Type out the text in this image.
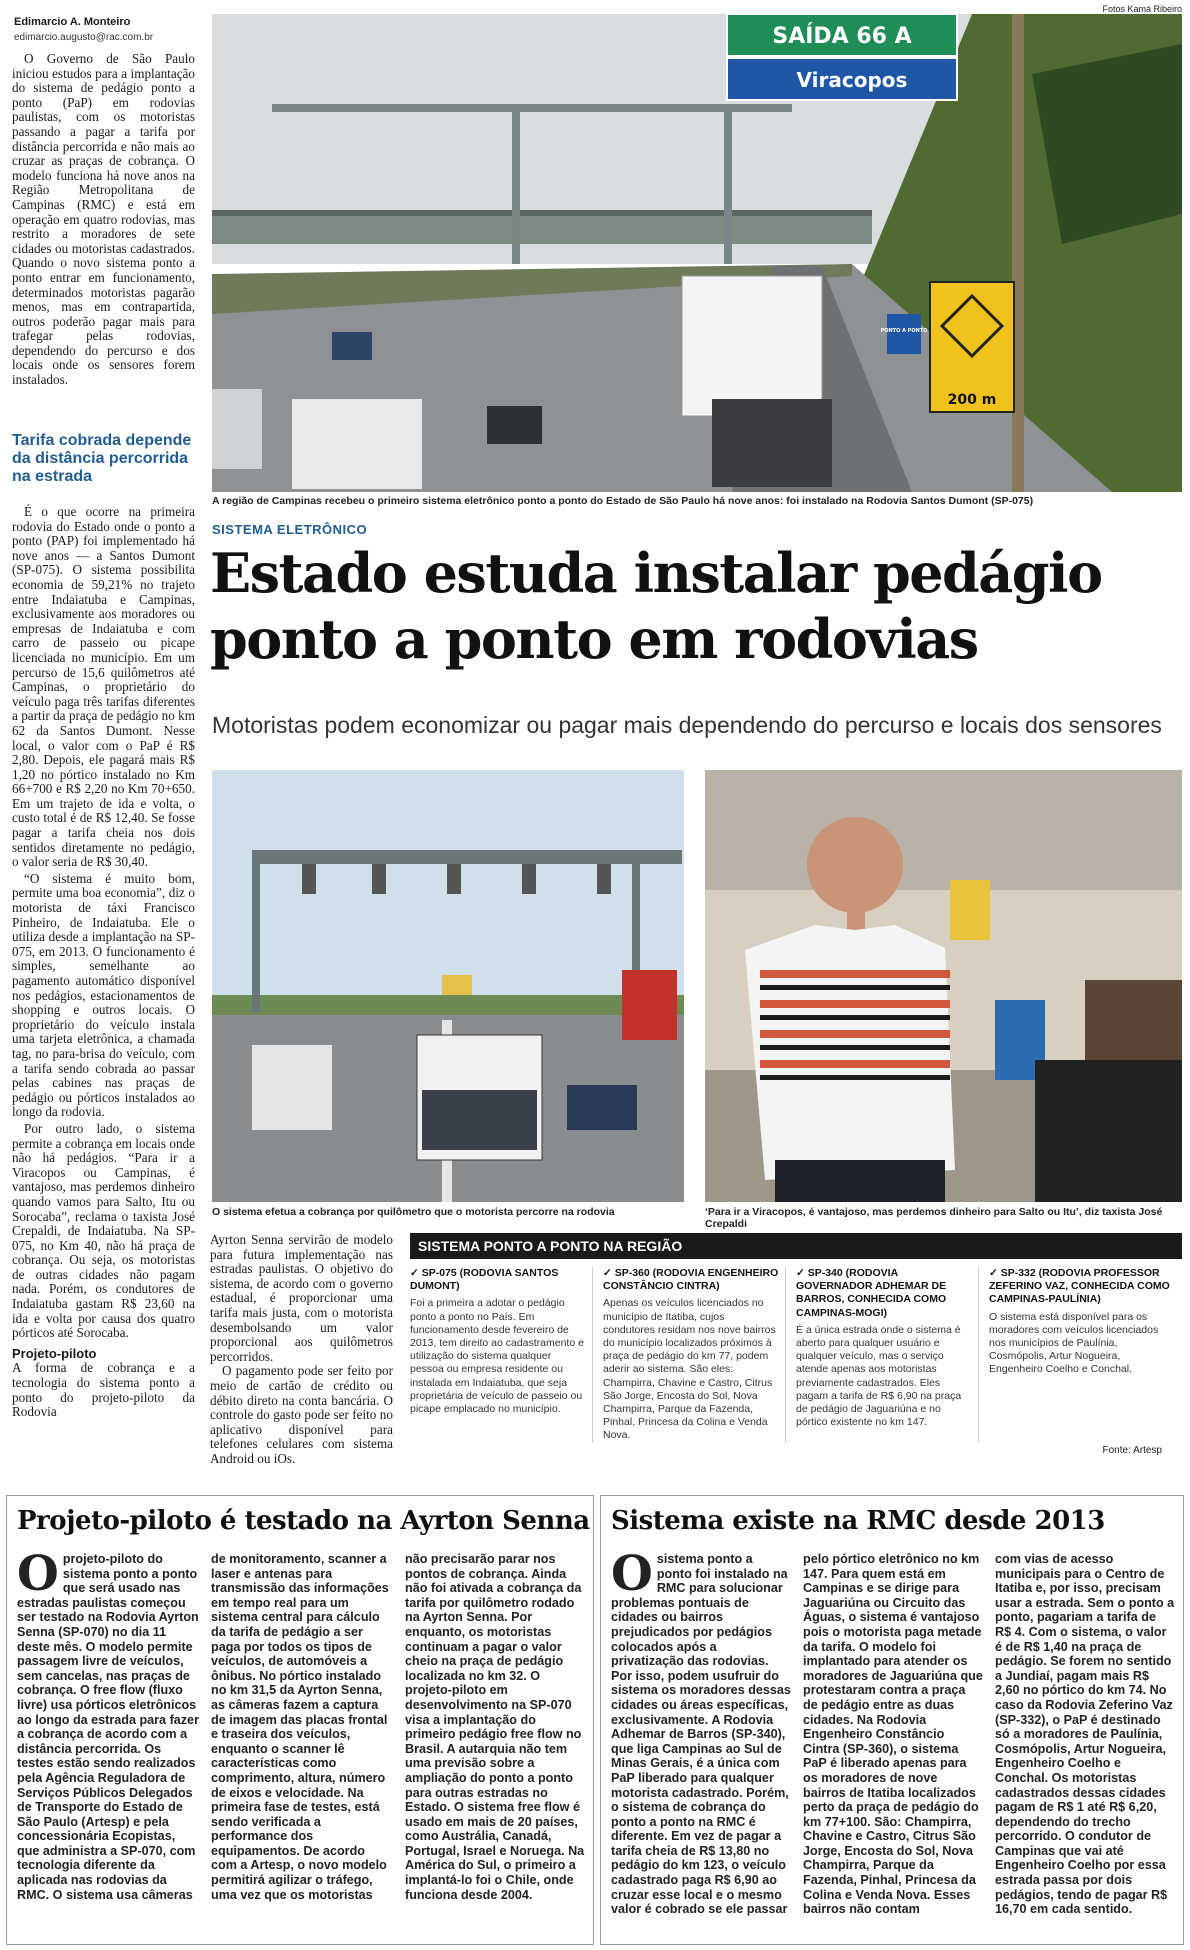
Edimarcio A. Monteiro
edimarcio.augusto@rac.com.br
Fotos Kamá Ribeiro

O Governo de São Paulo iniciou estudos para a implantação do sistema de pedágio ponto a ponto (PaP) em rodovias paulistas, com os motoristas passando a pagar a tarifa por distância percorrida e não mais ao cruzar as praças de cobrança. O modelo funciona há nove anos na Região Metropolitana de Campinas (RMC) e está em operação em quatro rodovias, mas restrito a moradores de sete cidades ou motoristas cadastrados. Quando o novo sistema ponto a ponto entrar em funcionamento, determinados motoristas pagarão menos, mas em contrapartida, outros poderão pagar mais para trafegar pelas rodovias, dependendo do percurso e dos locais onde os sensores forem instalados.

Tarifa cobrada depende da distância percorrida na estrada

É o que ocorre na primeira rodovia do Estado onde o ponto a ponto (PAP) foi implementado há nove anos — a Santos Dumont (SP-075). O sistema possibilita economia de 59,21% no trajeto entre Indaiatuba e Campinas, exclusivamente aos moradores ou empresas de Indaiatuba e com carro de passeio ou picape licenciada no município. Em um percurso de 15,6 quilômetros até Campinas, o proprietário do veículo paga três tarifas diferentes a partir da praça de pedágio no km 62 da Santos Dumont. Nesse local, o valor com o PaP é R$ 2,80. Depois, ele pagará mais R$ 1,20 no pórtico instalado no Km 66+700 e R$ 2,20 no Km 70+650. Em um trajeto de ida e volta, o custo total é de R$ 12,40. Se fosse pagar a tarifa cheia nos dois sentidos diretamente no pedágio, o valor seria de R$ 30,40.

“O sistema é muito bom, permite uma boa economia”, diz o motorista de táxi Francisco Pinheiro, de Indaiatuba. Ele o utiliza desde a implantação na SP-075, em 2013. O funcionamento é simples, semelhante ao pagamento automático disponível nos pedágios, estacionamentos de shopping e outros locais. O proprietário do veículo instala uma tarjeta eletrônica, a chamada tag, no para-brisa do veículo, com a tarifa sendo cobrada ao passar pelas cabines nas praças de pedágio ou pórticos instalados ao longo da rodovia.

Por outro lado, o sistema permite a cobrança em locais onde não há pedágios. “Para ir a Viracopos ou Campinas, é vantajoso, mas perdemos dinheiro quando vamos para Salto, Itu ou Sorocaba”, reclama o taxista José Crepaldi, de Indaiatuba. Na SP-075, no Km 40, não há praça de cobrança. Ou seja, os motoristas de outras cidades não pagam nada. Porém, os condutores de Indaiatuba gastam R$ 23,60 na ida e volta por causa dos quatro pórticos até Sorocaba.

Projeto-piloto

A forma de cobrança e a tecnologia do sistema ponto a ponto do projeto-piloto da Rodovia

SAÍDA 66 A
Viracopos
200 m
PONTO A PONTO
A região de Campinas recebeu o primeiro sistema eletrônico ponto a ponto do Estado de São Paulo há nove anos: foi instalado na Rodovia Santos Dumont (SP-075)
SISTEMA ELETRÔNICO
Estado estuda instalar pedágio
ponto a ponto em rodovias
Motoristas podem economizar ou pagar mais dependendo do percurso e locais dos sensores
O sistema efetua a cobrança por quilômetro que o motorista percorre na rodovia	‘Para ir a Viracopos, é vantajoso, mas perdemos dinheiro para Salto ou Itu’, diz taxista José Crepaldi

Ayrton Senna servirão de modelo para futura implementação nas estradas paulistas. O objetivo do sistema, de acordo com o governo estadual, é proporcionar uma tarifa mais justa, com o motorista desembolsando um valor proporcional aos quilômetros percorridos.

O pagamento pode ser feito por meio de cartão de crédito ou débito direto na conta bancária. O controle do gasto pode ser feito no aplicativo disponível para telefones celulares com sistema Android ou iOs.

SISTEMA PONTO A PONTO NA REGIÃO
✓ SP-075 (RODOVIA SANTOS DUMONT)
Foi a primeira a adotar o pedágio ponto a ponto no País. Em funcionamento desde fevereiro de 2013, tem direito ao cadastramento e utilização do sistema qualquer pessoa ou empresa residente ou instalada em Indaiatuba, que seja proprietária de veículo de passeio ou picape emplacado no município.
✓ SP-360 (RODOVIA ENGENHEIRO CONSTÂNCIO CINTRA)
Apenas os veículos licenciados no município de Itatiba, cujos condutores residam nos nove bairros do município localizados próximos à praça de pedágio do km 77, podem aderir ao sistema. São eles: Champirra, Chavine e Castro, Citrus São Jorge, Encosta do Sol, Nova Champirra, Parque da Fazenda, Pinhal, Princesa da Colina e Venda Nova.
✓ SP-340 (RODOVIA GOVERNADOR ADHEMAR DE BARROS, CONHECIDA COMO CAMPINAS-MOGI)
É a única estrada onde o sistema é aberto para qualquer usuário e qualquer veículo, mas o serviço atende apenas aos motoristas previamente cadastrados. Eles pagam a tarifa de R$ 6,90 na praça de pedágio de Jaguariúna e no pórtico existente no km 147.
✓ SP-332 (RODOVIA PROFESSOR ZEFERINO VAZ, CONHECIDA COMO CAMPINAS-PAULÍNIA)
O sistema está disponível para os moradores com veículos licenciados nos municípios de Paulínia, Cosmópolis, Artur Nogueira, Engenheiro Coelho e Conchal.
Fonte: Artesp
Projeto-piloto é testado na Ayrton Senna
Oprojeto-piloto do sistema ponto a ponto que será usado nas estradas paulistas começou ser testado na Rodovia Ayrton Senna (SP-070) no dia 11 deste mês. O modelo permite passagem livre de veículos, sem cancelas, nas praças de cobrança. O free flow (fluxo livre) usa pórticos eletrônicos ao longo da estrada para fazer a cobrança de acordo com a distância percorrida. Os testes estão sendo realizados pela Agência Reguladora de Serviços Públicos Delegados de Transporte do Estado de São Paulo (Artesp) e pela concessionária Ecopistas, que administra a SP-070, com tecnologia diferente da aplicada nas rodovias da RMC. O sistema usa câmeras
de monitoramento, scanner a laser e antenas para transmissão das informações em tempo real para um sistema central para cálculo da tarifa de pedágio a ser paga por todos os tipos de veículos, de automóveis a ônibus. No pórtico instalado no km 31,5 da Ayrton Senna, as câmeras fazem a captura de imagem das placas frontal e traseira dos veículos, enquanto o scanner lê características como comprimento, altura, número de eixos e velocidade. Na primeira fase de testes, está sendo verificada a performance dos equipamentos. De acordo com a Artesp, o novo modelo permitirá agilizar o tráfego, uma vez que os motoristas
não precisarão parar nos pontos de cobrança. Ainda não foi ativada a cobrança da tarifa por quilômetro rodado na Ayrton Senna. Por enquanto, os motoristas continuam a pagar o valor cheio na praça de pedágio localizada no km 32. O projeto-piloto em desenvolvimento na SP-070 visa a implantação do primeiro pedágio free flow no Brasil. A autarquia não tem uma previsão sobre a ampliação do ponto a ponto para outras estradas no Estado. O sistema free flow é usado em mais de 20 países, como Austrália, Canadá, Portugal, Israel e Noruega. Na América do Sul, o primeiro a implantá-lo foi o Chile, onde funciona desde 2004.
Sistema existe na RMC desde 2013
Osistema ponto a ponto foi instalado na RMC para solucionar problemas pontuais de cidades ou bairros prejudicados por pedágios colocados após a privatização das rodovias. Por isso, podem usufruir do sistema os moradores dessas cidades ou áreas específicas, exclusivamente. A Rodovia Adhemar de Barros (SP-340), que liga Campinas ao Sul de Minas Gerais, é a única com PaP liberado para qualquer motorista cadastrado. Porém, o sistema de cobrança do ponto a ponto na RMC é diferente. Em vez de pagar a tarifa cheia de R$ 13,80 no pedágio do km 123, o veículo cadastrado paga R$ 6,90 ao cruzar esse local e o mesmo valor é cobrado se ele passar
pelo pórtico eletrônico no km 147. Para quem está em Campinas e se dirige para Jaguariúna ou Circuito das Águas, o sistema é vantajoso pois o motorista paga metade da tarifa. O modelo foi implantado para atender os moradores de Jaguariúna que protestaram contra a praça de pedágio entre as duas cidades. Na Rodovia Engenheiro Constâncio Cintra (SP-360), o sistema PaP é liberado apenas para os moradores de nove bairros de Itatiba localizados perto da praça de pedágio do km 77+100. São: Champirra, Chavine e Castro, Citrus São Jorge, Encosta do Sol, Nova Champirra, Parque da Fazenda, Pinhal, Princesa da Colina e Venda Nova. Esses bairros não contam
com vias de acesso municipais para o Centro de Itatiba e, por isso, precisam usar a estrada. Sem o ponto a ponto, pagariam a tarifa de R$ 4. Com o sistema, o valor é de R$ 1,40 na praça de pedágio. Se forem no sentido a Jundiaí, pagam mais R$ 2,60 no pórtico do km 74. No caso da Rodovia Zeferino Vaz (SP-332), o PaP é destinado só a moradores de Paulínia, Cosmópolis, Artur Nogueira, Engenheiro Coelho e Conchal. Os motoristas cadastrados dessas cidades pagam de R$ 1 até R$ 6,20, dependendo do trecho percorrido. O condutor de Campinas que vai até Engenheiro Coelho por essa estrada passa por dois pedágios, tendo de pagar R$ 16,70 em cada sentido.
